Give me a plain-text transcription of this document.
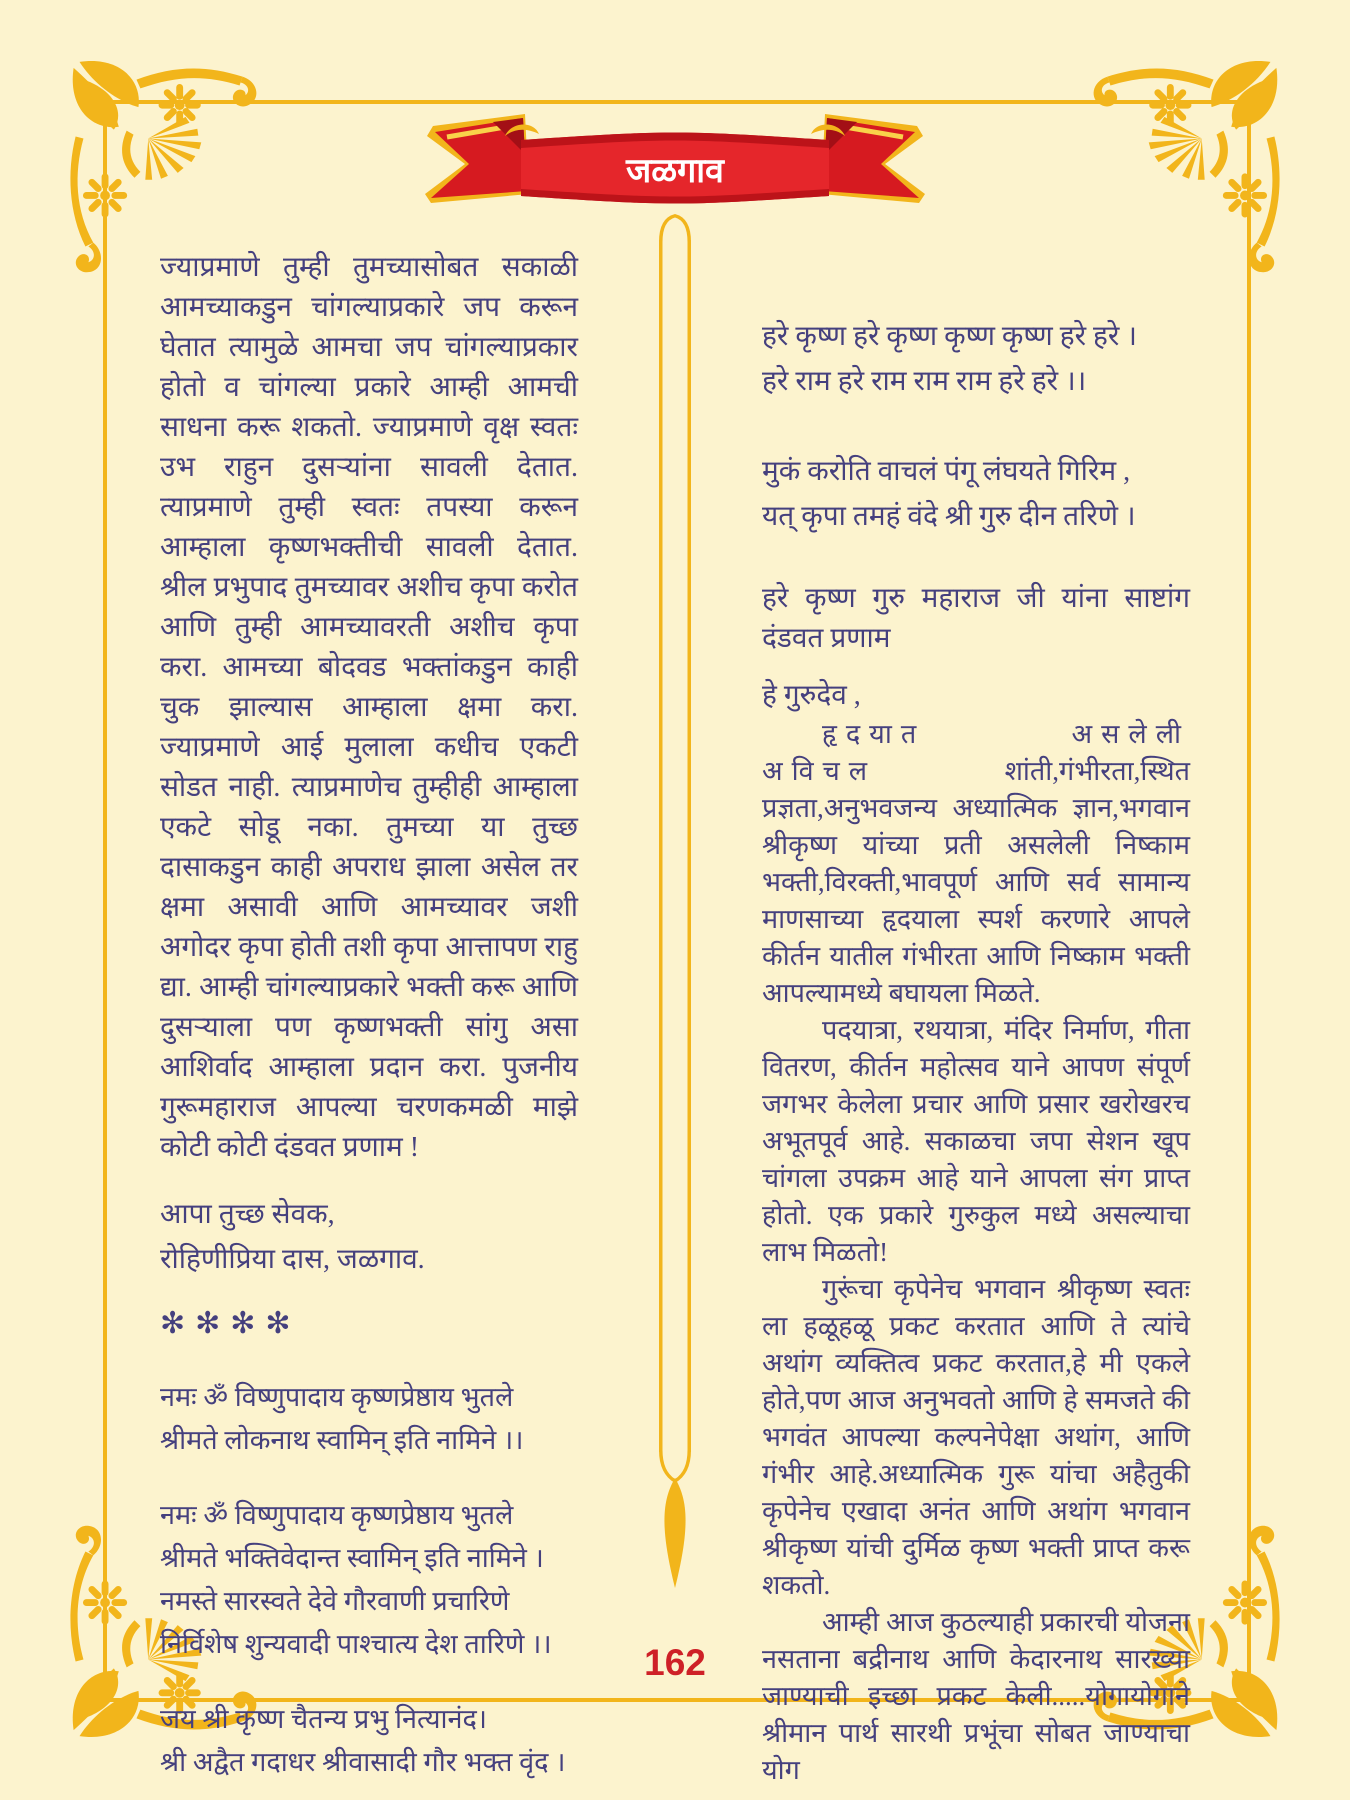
जळगाव

ज्याप्रमाणे तुम्ही तुमच्यासोबत सकाळी आमच्याकडुन चांगल्याप्रकारे जप करून घेतात त्यामुळे आमचा जप चांगल्याप्रकार होतो व चांगल्या प्रकारे आम्ही आमची साधना करू शकतो. ज्याप्रमाणे वृक्ष स्वतः उभ राहुन दुसऱ्यांना सावली देतात. त्याप्रमाणे तुम्ही स्वतः तपस्या करून आम्हाला कृष्णभक्तीची सावली देतात. श्रील प्रभुपाद तुमच्यावर अशीच कृपा करोत आणि तुम्ही आमच्यावरती अशीच कृपा करा. आमच्या बोदवड भक्तांकडुन काही चुक झाल्यास आम्हाला क्षमा करा. ज्याप्रमाणे आई मुलाला कधीच एकटी सोडत नाही. त्याप्रमाणेच तुम्हीही आम्हाला एकटे सोडू नका. तुमच्या या तुच्छ दासाकडुन काही अपराध झाला असेल तर क्षमा असावी आणि आमच्यावर जशी अगोदर कृपा होती तशी कृपा आत्तापण राहु द्या. आम्ही चांगल्याप्रकारे भक्ती करू आणि दुसऱ्याला पण कृष्णभक्ती सांगु असा आशिर्वाद आम्हाला प्रदान करा. पुजनीय गुरूमहाराज आपल्या चरणकमळी माझे कोटी कोटी दंडवत प्रणाम !

आपा तुच्छ सेवक,
रोहिणीप्रिया दास, जळगाव.
✻✻✻✻
नमः ॐ विष्णुपादाय कृष्णप्रेष्ठाय भुतले
श्रीमते लोकनाथ स्वामिन् इति नामिने ।।
नमः ॐ विष्णुपादाय कृष्णप्रेष्ठाय भुतले
श्रीमते भक्तिवेदान्त स्वामिन् इति नामिने ।
नमस्ते सारस्वते देवे गौरवाणी प्रचारिणे
निर्विशेष शुन्यवादी पाश्चात्य देश तारिणे ।।
जय श्री कृष्ण चैतन्य प्रभु नित्यानंद।
श्री अद्वैत गदाधर श्रीवासादी गौर भक्त वृंद ।
हरे कृष्ण हरे कृष्ण कृष्ण कृष्ण हरे हरे ।
हरे राम हरे राम राम राम हरे हरे ।।
मुकं करोति वाचलं पंगू लंघयते गिरिम ,
यत् कृपा तमहं वंदे श्री गुरु दीन तरिणे ।

हरे कृष्ण गुरु महाराज जी यांना साष्टांग दंडवत प्रणाम

हे गुरुदेव ,

हृदयात असलेली अविचल शांती,गंभीरता,स्थित प्रज्ञता,अनुभवजन्य अध्यात्मिक ज्ञान,भगवान श्रीकृष्ण यांच्या प्रती असलेली निष्काम भक्ती,विरक्ती,भावपूर्ण आणि सर्व सामान्य माणसाच्या हृदयाला स्पर्श करणारे आपले कीर्तन यातील गंभीरता आणि निष्काम भक्ती आपल्यामध्ये बघायला मिळते.

पदयात्रा, रथयात्रा, मंदिर निर्माण, गीता वितरण, कीर्तन महोत्सव याने आपण संपूर्ण जगभर केलेला प्रचार आणि प्रसार खरोखरच अभूतपूर्व आहे. सकाळचा जपा सेशन खूप चांगला उपक्रम आहे याने आपला संग प्राप्त होतो. एक प्रकारे गुरुकुल मध्ये असल्याचा लाभ मिळतो!

गुरूंचा कृपेनेच भगवान श्रीकृष्ण स्वतः ला हळूहळू प्रकट करतात आणि ते त्यांचे अथांग व्यक्तित्व प्रकट करतात,हे मी एकले होते,पण आज अनुभवतो आणि हे समजते की भगवंत आपल्या कल्पनेपेक्षा अथांग, आणि गंभीर आहे.अध्यात्मिक गुरू यांचा अहैतुकी कृपेनेच एखादा अनंत आणि अथांग भगवान श्रीकृष्ण यांची दुर्मिळ कृष्ण भक्ती प्राप्त करू शकतो.

आम्ही आज कुठल्याही प्रकारची योजना नसताना बद्रीनाथ आणि केदारनाथ सारख्या जाण्याची इच्छा प्रकट केली.....योगायोगाने श्रीमान पार्थ सारथी प्रभूंचा सोबत जाण्याचा योग

162
